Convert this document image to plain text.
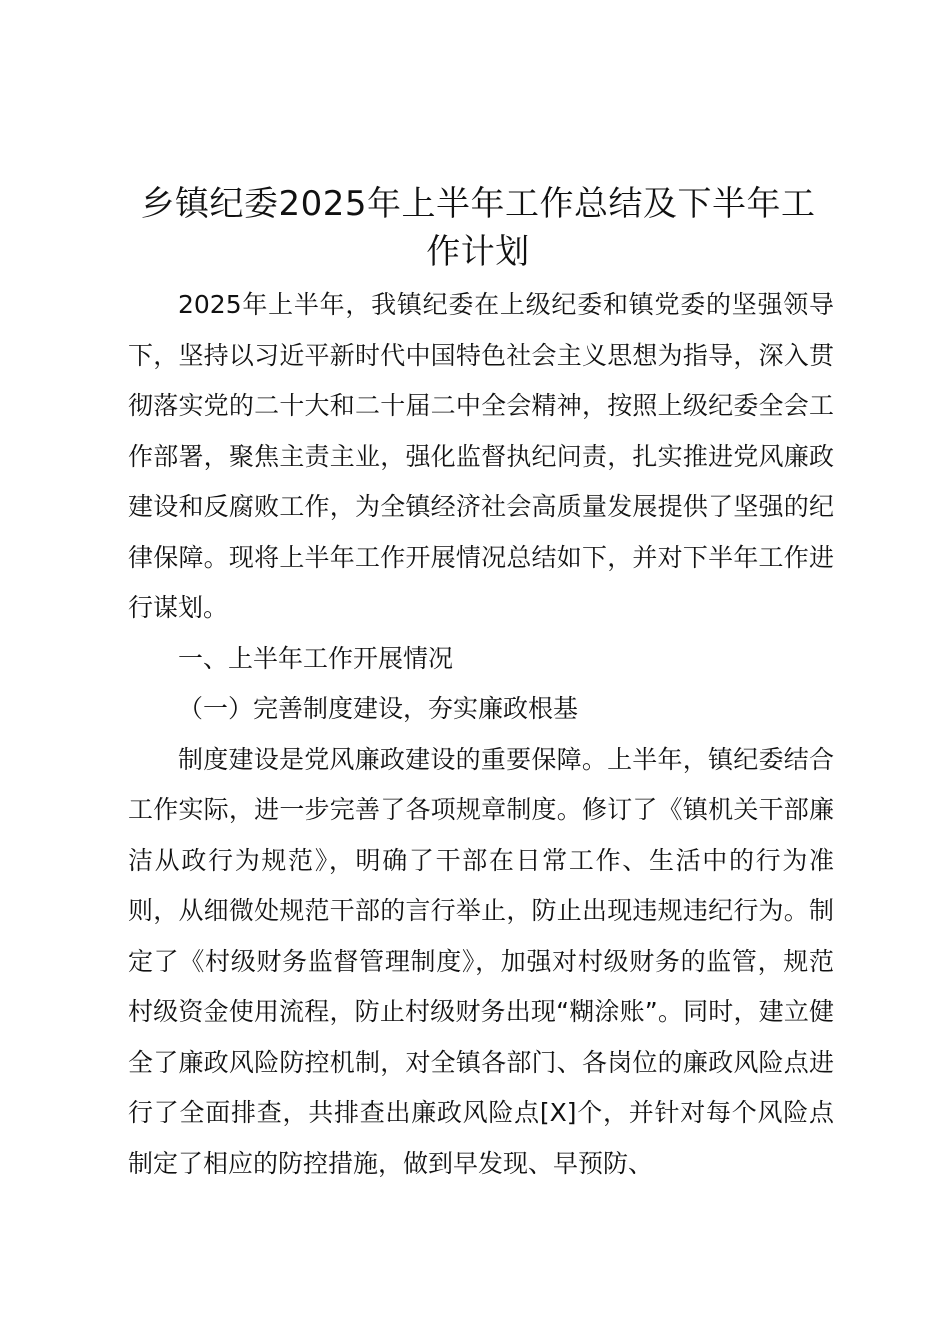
乡镇纪委2025年上半年工作总结及下半年工作计划

2025年上半年，我镇纪委在上级纪委和镇党委的坚强领导下，坚持以习近平新时代中国特色社会主义思想为指导，深入贯彻落实党的二十大和二十届二中全会精神，按照上级纪委全会工作部署，聚焦主责主业，强化监督执纪问责，扎实推进党风廉政建设和反腐败工作，为全镇经济社会高质量发展提供了坚强的纪律保障。现将上半年工作开展情况总结如下，并对下半年工作进行谋划。

一、上半年工作开展情况

（一）完善制度建设，夯实廉政根基

制度建设是党风廉政建设的重要保障。上半年，镇纪委结合工作实际，进一步完善了各项规章制度。修订了《镇机关干部廉洁从政行为规范》，明确了干部在日常工作、生活中的行为准则，从细微处规范干部的言行举止，防止出现违规违纪行为。制定了《村级财务监督管理制度》，加强对村级财务的监管，规范村级资金使用流程，防止村级财务出现“糊涂账”。同时，建立健全了廉政风险防控机制，对全镇各部门、各岗位的廉政风险点进行了全面排查，共排查出廉政风险点[X]个，并针对每个风险点制定了相应的防控措施，做到早发现、早预防、
